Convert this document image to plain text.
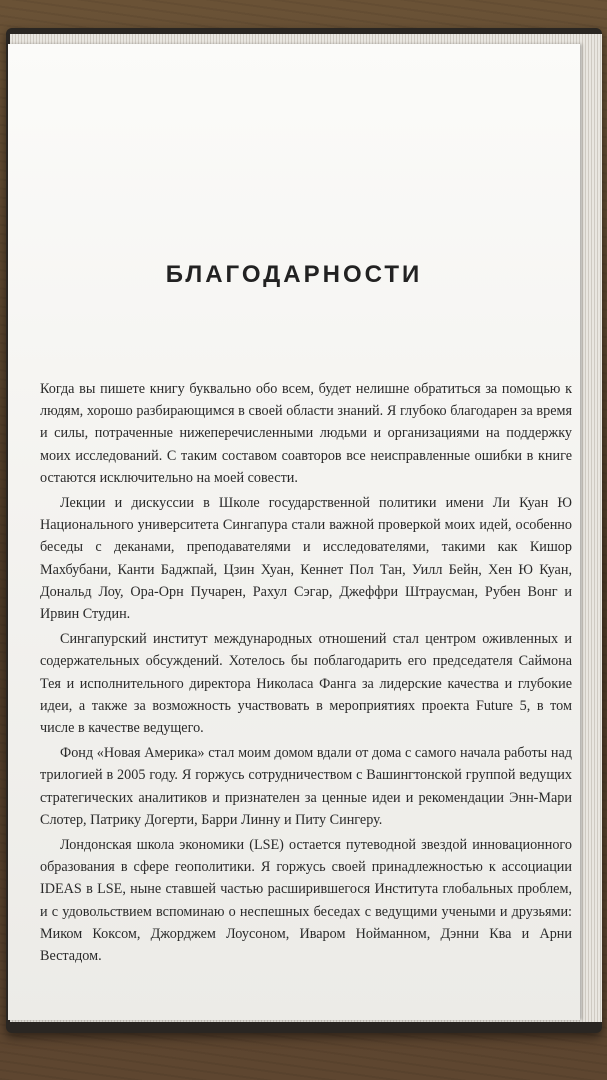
БЛАГОДАРНОСТИ

Когда вы пишете книгу буквально обо всем, будет нелишне обратиться за помощью к людям, хорошо разбирающимся в своей области знаний. Я глубоко благодарен за время и силы, потраченные нижеперечисленными людьми и организациями на поддержку моих исследований. С таким составом соавторов все неисправленные ошибки в книге остаются исключительно на моей совести.

Лекции и дискуссии в Школе государственной политики имени Ли Куан Ю Национального университета Сингапура стали важной проверкой моих идей, особенно беседы с деканами, преподавателями и исследователями, такими как Кишор Махбубани, Канти Баджпай, Цзин Хуан, Кеннет Пол Тан, Уилл Бейн, Хен Ю Куан, Дональд Лоу, Ора-Орн Пучарен, Рахул Сэгар, Джеффри Штраусман, Рубен Вонг и Ирвин Студин.

Сингапурский институт международных отношений стал центром оживленных и содержательных обсуждений. Хотелось бы поблагодарить его председателя Саймона Тея и исполнительного директора Николаса Фанга за лидерские качества и глубокие идеи, а также за возможность участвовать в мероприятиях проекта Future 5, в том числе в качестве ведущего.

Фонд «Новая Америка» стал моим домом вдали от дома с самого начала работы над трилогией в 2005 году. Я горжусь сотрудничеством с Вашингтонской группой ведущих стратегических аналитиков и признателен за ценные идеи и рекомендации Энн-Мари Слотер, Патрику Догерти, Барри Линну и Питу Сингеру.

Лондонская школа экономики (LSE) остается путеводной звездой инновационного образования в сфере геополитики. Я горжусь своей принадлежностью к ассоциации IDEAS в LSE, ныне ставшей частью расширившегося Института глобальных проблем, и с удовольствием вспоминаю о неспешных беседах с ведущими учеными и друзьями: Миком Коксом, Джорджем Лоусоном, Иваром Нойманном, Дэнни Ква и Арни Вестадом.
